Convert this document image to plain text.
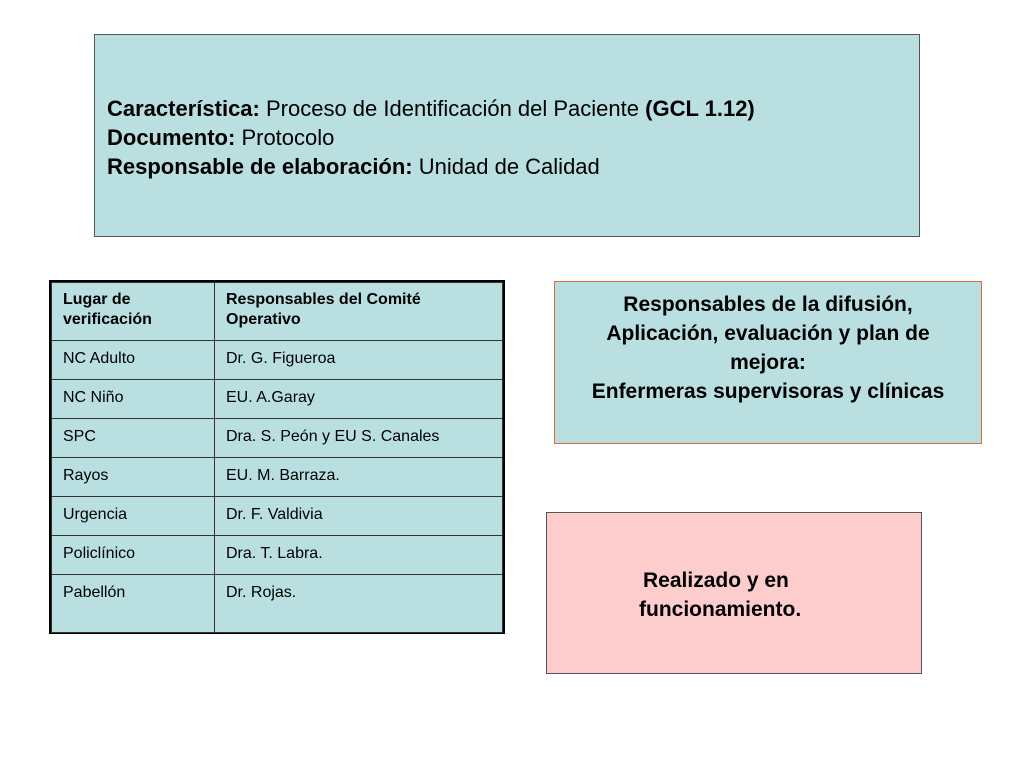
Característica: Proceso de Identificación del Paciente (GCL 1.12)
Documento: Protocolo
Responsable de elaboración: Unidad de Calidad
Lugar de verificación	Responsables del Comité Operativo
NC Adulto	Dr. G. Figueroa
NC Niño	EU. A.Garay
SPC	Dra. S. Peón y EU S. Canales
Rayos	EU. M. Barraza.
Urgencia	Dr. F. Valdivia
Policlínico	Dra. T. Labra.
Pabellón	Dr. Rojas.
Responsables de la difusión,
Aplicación, evaluación y plan de
mejora:
Enfermeras supervisoras y clínicas
Realizado y en
funcionamiento.
